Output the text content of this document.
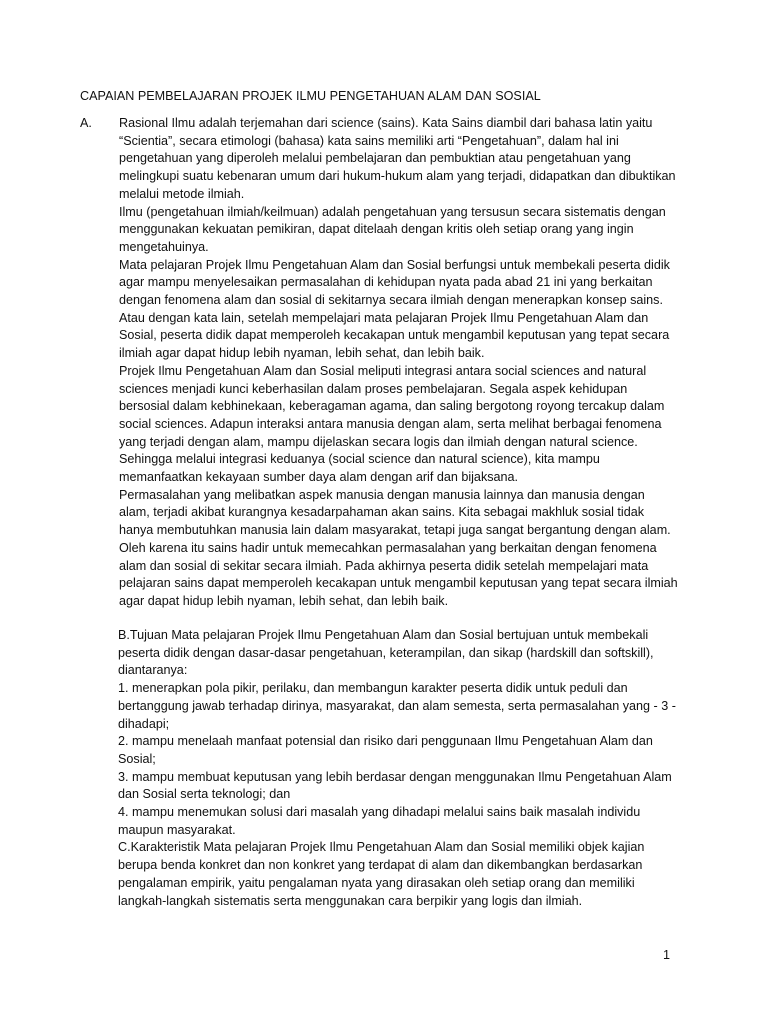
CAPAIAN PEMBELAJARAN PROJEK ILMU PENGETAHUAN ALAM DAN SOSIAL
A.	Rasional Ilmu adalah terjemahan dari science (sains). Kata Sains diambil dari bahasa latin yaitu “Scientia”, secara etimologi (bahasa) kata sains memiliki arti “Pengetahuan”, dalam hal ini pengetahuan yang diperoleh melalui pembelajaran dan pembuktian atau pengetahuan yang melingkupi suatu kebenaran umum dari hukum-hukum alam yang terjadi, didapatkan dan dibuktikan melalui metode ilmiah.

Ilmu (pengetahuan ilmiah/keilmuan) adalah pengetahuan yang tersusun secara sistematis dengan menggunakan kekuatan pemikiran, dapat ditelaah dengan kritis oleh setiap orang yang ingin mengetahuinya.

Mata pelajaran Projek Ilmu Pengetahuan Alam dan Sosial berfungsi untuk membekali peserta didik agar mampu menyelesaikan permasalahan di kehidupan nyata pada abad 21 ini yang berkaitan dengan fenomena alam dan sosial di sekitarnya secara ilmiah dengan menerapkan konsep sains. Atau dengan kata lain, setelah mempelajari mata pelajaran Projek Ilmu Pengetahuan Alam dan Sosial, peserta didik dapat memperoleh kecakapan untuk mengambil keputusan yang tepat secara ilmiah agar dapat hidup lebih nyaman, lebih sehat, dan lebih baik.

Projek Ilmu Pengetahuan Alam dan Sosial meliputi integrasi antara social sciences and natural sciences menjadi kunci keberhasilan dalam proses pembelajaran. Segala aspek kehidupan bersosial dalam kebhinekaan, keberagaman agama, dan saling bergotong royong tercakup dalam social sciences. Adapun interaksi antara manusia dengan alam, serta melihat berbagai fenomena yang terjadi dengan alam, mampu dijelaskan secara logis dan ilmiah dengan natural science. Sehingga melalui integrasi keduanya (social science dan natural science), kita mampu memanfaatkan kekayaan sumber daya alam dengan arif dan bijaksana.

Permasalahan yang melibatkan aspek manusia dengan manusia lainnya dan manusia dengan alam, terjadi akibat kurangnya kesadarpahaman akan sains. Kita sebagai makhluk sosial tidak hanya membutuhkan manusia lain dalam masyarakat, tetapi juga sangat bergantung dengan alam. Oleh karena itu sains hadir untuk memecahkan permasalahan yang berkaitan dengan fenomena alam dan sosial di sekitar secara ilmiah. Pada akhirnya peserta didik setelah mempelajari mata pelajaran sains dapat memperoleh kecakapan untuk mengambil keputusan yang tepat secara ilmiah agar dapat hidup lebih nyaman, lebih sehat, dan lebih baik.

B.Tujuan Mata pelajaran Projek Ilmu Pengetahuan Alam dan Sosial bertujuan untuk membekali peserta didik dengan dasar-dasar pengetahuan, keterampilan, dan sikap (hardskill dan softskill), diantaranya:

1. menerapkan pola pikir, perilaku, dan membangun karakter peserta didik untuk peduli dan bertanggung jawab terhadap dirinya, masyarakat, dan alam semesta, serta permasalahan yang - 3 - dihadapi;

2. mampu menelaah manfaat potensial dan risiko dari penggunaan Ilmu Pengetahuan Alam dan Sosial;

3. mampu membuat keputusan yang lebih berdasar dengan menggunakan Ilmu Pengetahuan Alam dan Sosial serta teknologi; dan

4. mampu menemukan solusi dari masalah yang dihadapi melalui sains baik masalah individu maupun masyarakat.

C.Karakteristik Mata pelajaran Projek Ilmu Pengetahuan Alam dan Sosial memiliki objek kajian berupa benda konkret dan non konkret yang terdapat di alam dan dikembangkan berdasarkan pengalaman empirik, yaitu pengalaman nyata yang dirasakan oleh setiap orang dan memiliki langkah-langkah sistematis serta menggunakan cara berpikir yang logis dan ilmiah.

1
